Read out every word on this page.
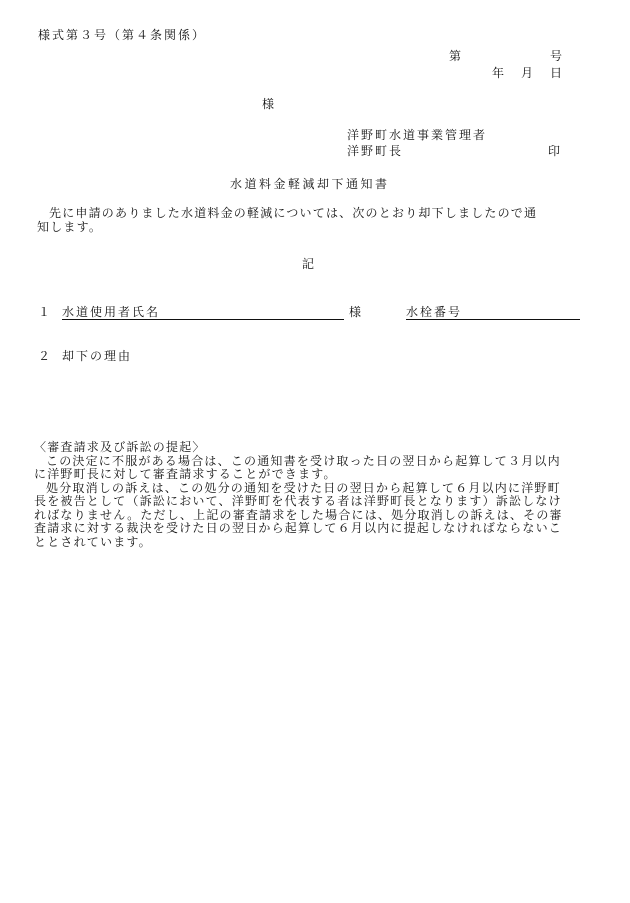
様式第３号（第４条関係）
第	号
年 月 日
様
洋野町水道事業管理者
洋野町長	印
水道料金軽減却下通知書
先に申請のありました水道料金の軽減については、次のとおり却下しましたので通
知します。
記
１ 水道使用者氏名	様	水栓番号
２ 却下の理由
〈審査請求及び訴訟の提起〉
この決定に不服がある場合は、この通知書を受け取った日の翌日から起算して３月以内
に洋野町長に対して審査請求することができます。
処分取消しの訴えは、この処分の通知を受けた日の翌日から起算して６月以内に洋野町
長を被告として（訴訟において、洋野町を代表する者は洋野町長となります）訴訟しなけ
ればなりません。ただし、上記の審査請求をした場合には、処分取消しの訴えは、その審
査請求に対する裁決を受けた日の翌日から起算して６月以内に提起しなければならないこ
ととされています。
